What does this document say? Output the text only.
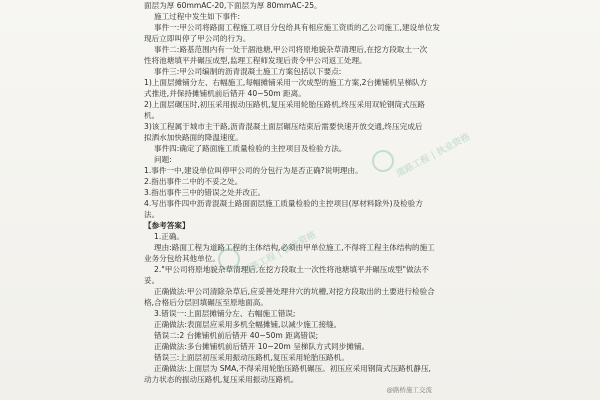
面层为厚 60mmAC-20,下面层为厚 80mmAC-25。
施工过程中发生如下事件:
事件一:甲公司将路面工程施工项目分包给具有相应施工资质的乙公司施工,建设单位发
现后立即叫停了甲公司的行为。
事件二:路基范围内有一处干涸池塘,甲公司将原地貌杂草清理后,在挖方段取土一次
性将池塘填平并碾压成型,监理工程师发现后责令甲公司返工处理。
事件三:甲公司编制的沥青混凝土施工方案包括以下要点:
1)上面层摊铺分左、右幅施工,每幅摊铺采用一次成型的施工方案,2台摊铺机呈梯队方
式推进,并保持摊铺机前后错开 40~50m 距离。
2)上面层碾压时,初压采用振动压路机,复压采用轮胎压路机,终压采用双轮钢筒式压路
机。
3)该工程属于城市主干路,沥青混凝土面层碾压结束后需要快速开放交通,终压完成后
拟洒水加快路面的降温速度。
事件四:确定了路面施工质量检验的主控项目及检验方法。
问题:
1.事件一中,建设单位叫停甲公司的分包行为是否正确?说明理由。
2.指出事件二中的不妥之处。
3.指出事件三中的错误之处并改正。
4.写出事件四中沥青混凝土路面面层施工质量检验的主控项目(厚材料除外)及检验方
法。
【参考答案】
1.正确。
理由:路面工程为道路工程的主体结构,必须由甲单位施工,不得将工程主体结构的施工
业务分包给其他单位。
2."甲公司将原地貌杂草清理后,在挖方段取土一次性将池塘填平并碾压成型"做法不
妥。
正确做法:甲公司清除杂草后,应妥善处理井穴的坑槽,对挖方段取出的土要进行检验合
格,合格后分层回填碾压至原地面高。
3.错误一:上面层摊铺分左、右幅施工错误;
正确做法:表面层应采用多机全幅摊铺,以减少施工接缝。
错误二:2 台摊铺机前后错开 40~50m 距离错误;
正确做法:多台摊铺机前后错开 10~20m 呈梯队方式同步摊铺。
错误三:上面层初压采用振动压路机,复压采用轮胎压路机。
正确做法:上面层为 SMA,不得采用轮胎压路机碾压。初压应采用钢筒式压路机静压,
动力状态的振动压路机,复压采用振动压路机。
道路工程 | 执业资格
道路工程 | 执业资格
@路桥施工交流
